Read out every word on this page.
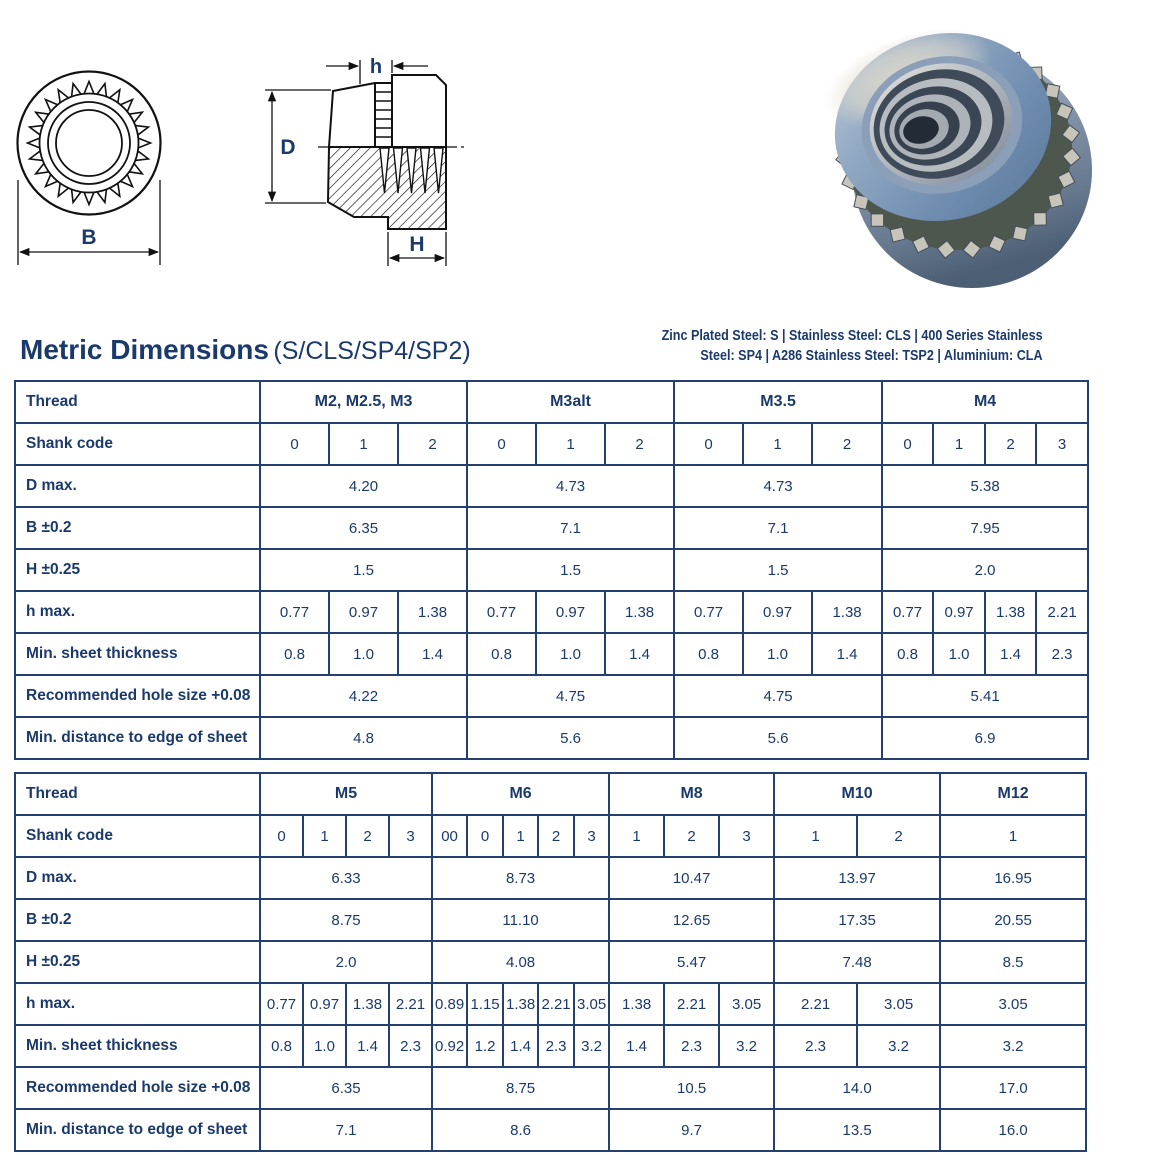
B
D
h
H
Metric Dimensions (S/CLS/SP4/SP2)
Zinc Plated Steel: S | Stainless Steel: CLS | 400 Series Stainless
Steel: SP4 | A286 Stainless Steel: TSP2 | Aluminium: CLA
Thread	M2, M2.5, M3			M3alt			M3.5			M4			
Shank code	0	1	2	0	1	2	0	1	2	0	1	2	3
D max.	4.20			4.73			4.73			5.38			
B ±0.2	6.35			7.1			7.1			7.95			
H ±0.25	1.5			1.5			1.5			2.0			
h max.	0.77	0.97	1.38	0.77	0.97	1.38	0.77	0.97	1.38	0.77	0.97	1.38	2.21
Min. sheet thickness	0.8	1.0	1.4	0.8	1.0	1.4	0.8	1.0	1.4	0.8	1.0	1.4	2.3
Recommended hole size +0.08	4.22			4.75			4.75			5.41			
Min. distance to edge of sheet	4.8			5.6			5.6			6.9			
Thread	M5				M6					M8			M10		M12
Shank code	0	1	2	3	00	0	1	2	3	1	2	3	1	2	1
D max.	6.33				8.73					10.47			13.97		16.95
B ±0.2	8.75				11.10					12.65			17.35		20.55
H ±0.25	2.0				4.08					5.47			7.48		8.5
h max.	0.77	0.97	1.38	2.21	0.89	1.15	1.38	2.21	3.05	1.38	2.21	3.05	2.21	3.05	3.05
Min. sheet thickness	0.8	1.0	1.4	2.3	0.92	1.2	1.4	2.3	3.2	1.4	2.3	3.2	2.3	3.2	3.2
Recommended hole size +0.08	6.35				8.75					10.5			14.0		17.0
Min. distance to edge of sheet	7.1				8.6					9.7			13.5		16.0
